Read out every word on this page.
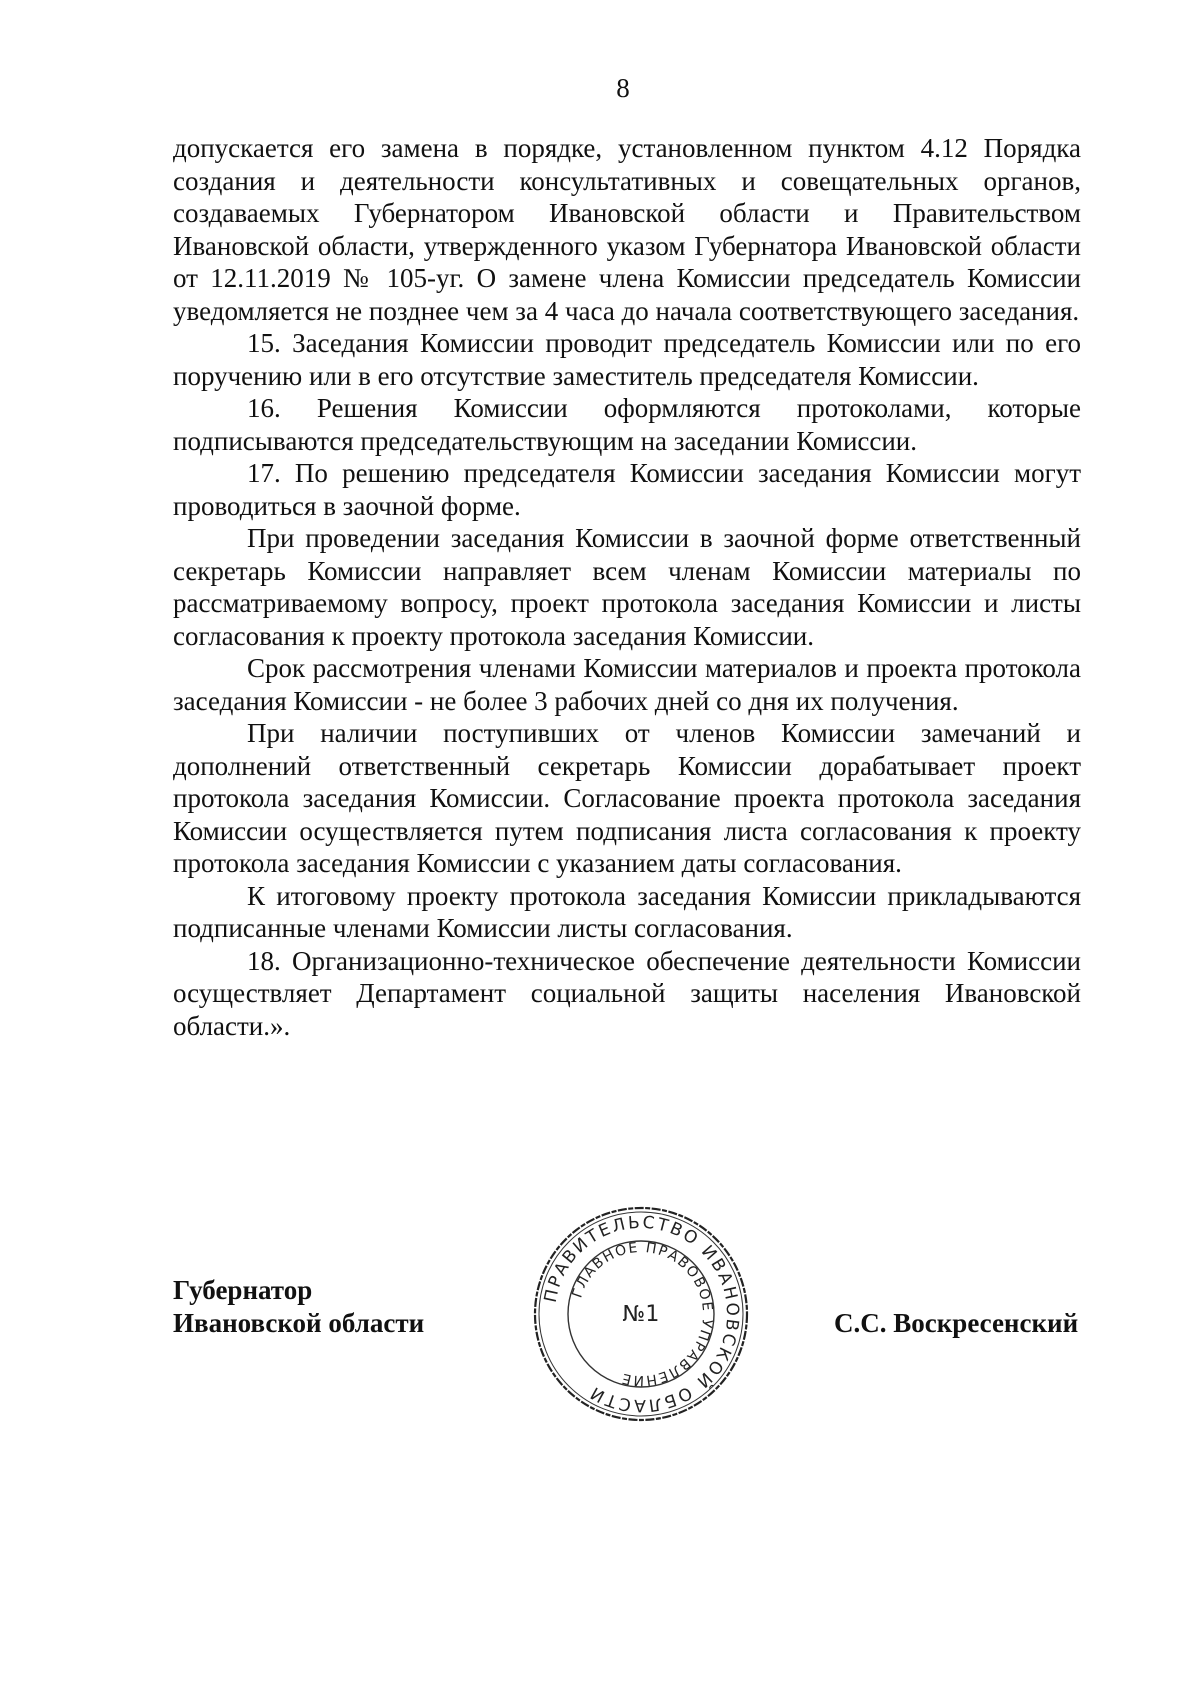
8

допускается его замена в порядке, установленном пунктом 4.12 Порядка создания и деятельности консультативных и совещательных органов, создаваемых Губернатором Ивановской области и Правительством Ивановской области, утвержденного указом Губернатора Ивановской области от 12.11.2019 № 105-уг. О замене члена Комиссии председатель Комиссии уведомляется не позднее чем за 4 часа до начала соответствующего заседания.

15. Заседания Комиссии проводит председатель Комиссии или по его поручению или в его отсутствие заместитель председателя Комиссии.

16. Решения Комиссии оформляются протоколами, которые подписываются председательствующим на заседании Комиссии.

17. По решению председателя Комиссии заседания Комиссии могут проводиться в заочной форме.

При проведении заседания Комиссии в заочной форме ответственный секретарь Комиссии направляет всем членам Комиссии материалы по рассматриваемому вопросу, проект протокола заседания Комиссии и листы согласования к проекту протокола заседания Комиссии.

Срок рассмотрения членами Комиссии материалов и проекта протокола заседания Комиссии - не более 3 рабочих дней со дня их получения.

При наличии поступивших от членов Комиссии замечаний и дополнений ответственный секретарь Комиссии дорабатывает проект протокола заседания Комиссии. Согласование проекта протокола заседания Комиссии осуществляется путем подписания листа согласования к проекту протокола заседания Комиссии с указанием даты согласования.

К итоговому проекту протокола заседания Комиссии прикладываются подписанные членами Комиссии листы согласования.

18. Организационно-техническое обеспечение деятельности Комиссии осуществляет Департамент социальной защиты населения Ивановской области.».

Губернатор
Ивановской области
ПРАВИТЕЛЬСТВО ИВАНОВСКОЙ ОБЛАСТИ
ГЛАВНОЕ ПРАВОВОЕ УПРАВЛЕНИЕ
№1	С.С. Воскресенский
